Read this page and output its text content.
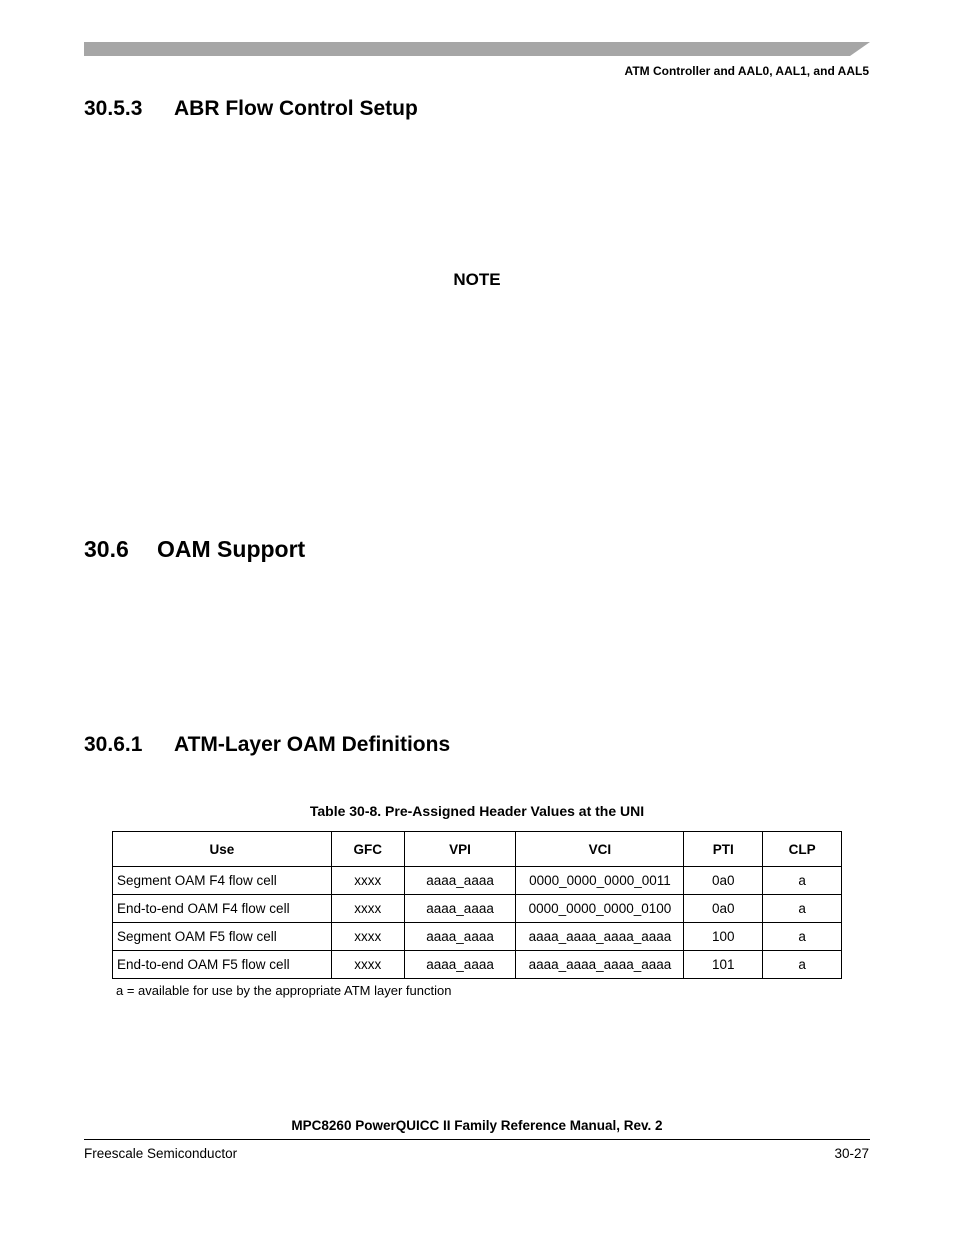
ATM Controller and AAL0, AAL1, and AAL5
30.5.3 ABR Flow Control Setup
NOTE
30.6 OAM Support
30.6.1 ATM-Layer OAM Definitions
Table 30-8. Pre-Assigned Header Values at the UNI
Use	GFC	VPI	VCI	PTI	CLP
Segment OAM F4 flow cell	xxxx	aaaa_aaaa	0000_0000_0000_0011	0a0	a
End-to-end OAM F4 flow cell	xxxx	aaaa_aaaa	0000_0000_0000_0100	0a0	a
Segment OAM F5 flow cell	xxxx	aaaa_aaaa	aaaa_aaaa_aaaa_aaaa	100	a
End-to-end OAM F5 flow cell	xxxx	aaaa_aaaa	aaaa_aaaa_aaaa_aaaa	101	a
a = available for use by the appropriate ATM layer function
MPC8260 PowerQUICC II Family Reference Manual, Rev. 2
Freescale Semiconductor	30-27
